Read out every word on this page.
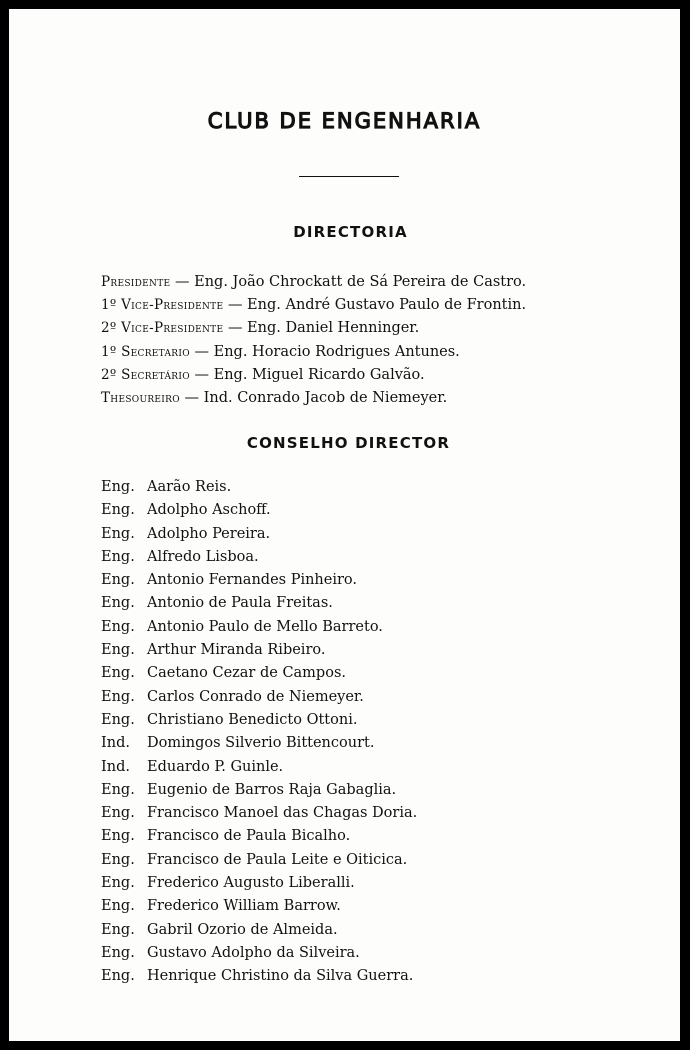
CLUB DE ENGENHARIA
DIRECTORIA
Presidente — Eng. João Chrockatt de Sá Pereira de Castro.
1º Vice-Presidente — Eng. André Gustavo Paulo de Frontin.
2º Vice-Presidente — Eng. Daniel Henninger.
1º Secretario — Eng. Horacio Rodrigues Antunes.
2º Secretário — Eng. Miguel Ricardo Galvão.
Thesoureiro — Ind. Conrado Jacob de Niemeyer.
CONSELHO DIRECTOR
Eng. Aarão Reis.
Eng. Adolpho Aschoff.
Eng. Adolpho Pereira.
Eng. Alfredo Lisboa.
Eng. Antonio Fernandes Pinheiro.
Eng. Antonio de Paula Freitas.
Eng. Antonio Paulo de Mello Barreto.
Eng. Arthur Miranda Ribeiro.
Eng. Caetano Cezar de Campos.
Eng. Carlos Conrado de Niemeyer.
Eng. Christiano Benedicto Ottoni.
Ind. Domingos Silverio Bittencourt.
Ind. Eduardo P. Guinle.
Eng. Eugenio de Barros Raja Gabaglia.
Eng. Francisco Manoel das Chagas Doria.
Eng. Francisco de Paula Bicalho.
Eng. Francisco de Paula Leite e Oiticica.
Eng. Frederico Augusto Liberalli.
Eng. Frederico William Barrow.
Eng. Gabril Ozorio de Almeida.
Eng. Gustavo Adolpho da Silveira.
Eng. Henrique Christino da Silva Guerra.
